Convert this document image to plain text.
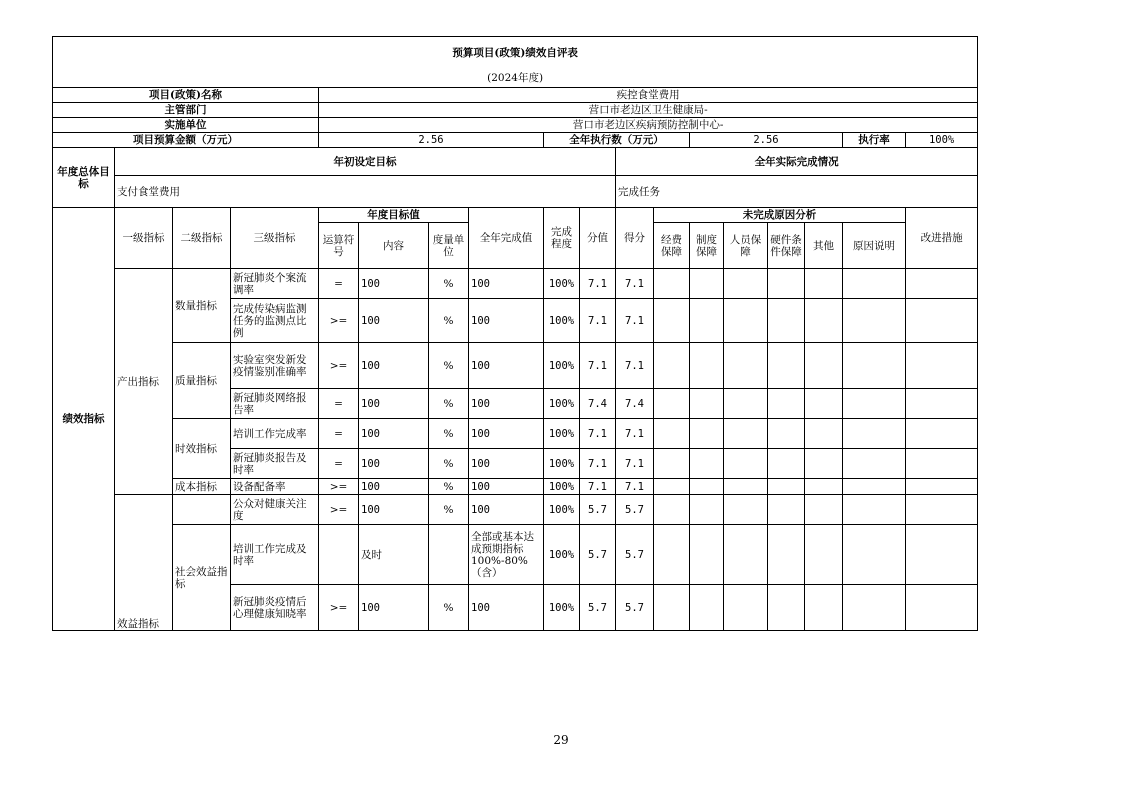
预算项目(政策)绩效自评表																	
(2024年度)																	
项目(政策)名称				疾控食堂费用													
主管部门				营口市老边区卫生健康局-													
实施单位				营口市老边区疾病预防控制中心-													
项目预算金额（万元）				2.56				全年执行数（万元）				2.56				执行率	100%
年度总体目标	年初设定目标									全年实际完成情况							
	支付食堂费用									完成任务							
绩效指标	一级指标	二级指标	三级指标	年度目标值			全年完成值	完成程度	分值	得分	未完成原因分析						改进措施
				运算符号	内容	度量单位					经费保障	制度保障	人员保障	硬件条件保障	其他	原因说明	
	产出指标	数量指标	新冠肺炎个案流调率	=	100	%	100	100%	7.1	7.1							
			完成传染病监测任务的监测点比例	>=	100	%	100	100%	7.1	7.1							
		质量指标	实验室突发新发疫情鉴别准确率	>=	100	%	100	100%	7.1	7.1							
			新冠肺炎网络报告率	=	100	%	100	100%	7.4	7.4							
		时效指标	培训工作完成率	=	100	%	100	100%	7.1	7.1							
			新冠肺炎报告及时率	=	100	%	100	100%	7.1	7.1							
		成本指标	设备配备率	>=	100	%	100	100%	7.1	7.1							
	效益指标		公众对健康关注度	>=	100	%	100	100%	5.7	5.7							
		社会效益指标	培训工作完成及时率		及时		全部或基本达成预期指标100%-80%（含）	100%	5.7	5.7							
			新冠肺炎疫情后心理健康知晓率	>=	100	%	100	100%	5.7	5.7							
29
